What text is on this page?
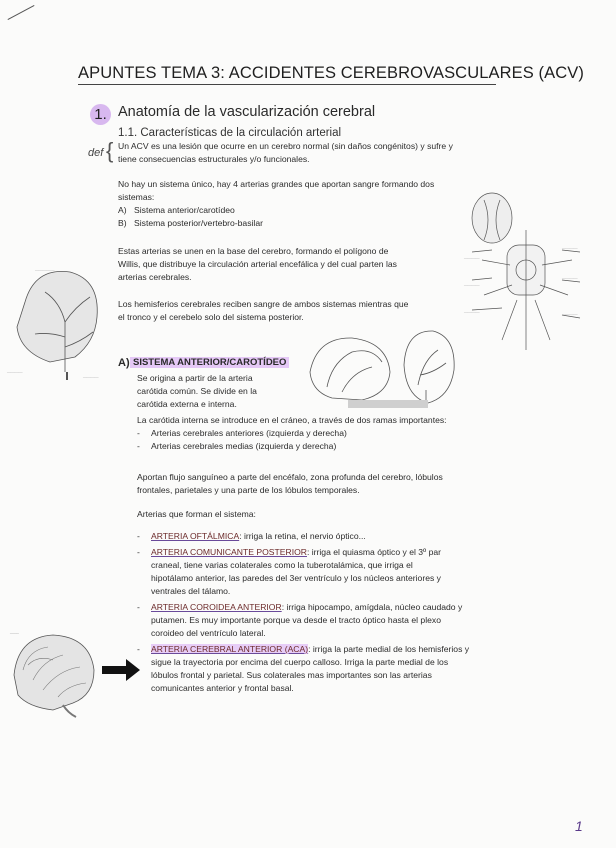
APUNTES TEMA 3: ACCIDENTES CEREBROVASCULARES (ACV)
1. Anatomía de la vascularización cerebral
1.1. Características de la circulación arterial
def { Un ACV es una lesión que ocurre en un cerebro normal (sin daños congénitos) y sufre y
tiene consecuencias estructurales y/o funcionales.
No hay un sistema único, hay 4 arterias grandes que aportan sangre formando dos
sistemas:
A) Sistema anterior/carotídeo
B) Sistema posterior/vertebro-basilar
Estas arterias se unen en la base del cerebro, formando el polígono de
Willis, que distribuye la circulación arterial encefálica y del cual parten las
arterias cerebrales.
Los hemisferios cerebrales reciben sangre de ambos sistemas mientras que
el tronco y el cerebelo solo del sistema posterior.
________
________
________
________
________
________
__________
________
________
A) SISTEMA ANTERIOR/CAROTÍDEO
Se origina a partir de la arteria
carótida común. Se divide en la
carótida externa e interna.
La carótida interna se introduce en el cráneo, a través de dos ramas importantes:
- Arterias cerebrales anteriores (izquierda y derecha)
- Arterias cerebrales medias (izquierda y derecha)
Aportan flujo sanguíneo a parte del encéfalo, zona profunda del cerebro, lóbulos
frontales, parietales y una parte de los lóbulos temporales.
Arterias que forman el sistema:
- ARTERIA OFTÁLMICA: irriga la retina, el nervio óptico...
- ARTERIA COMUNICANTE POSTERIOR: irriga el quiasma óptico y el 3º par
craneal, tiene varias colaterales como la tuberotalámica, que irriga el
hipotálamo anterior, las paredes del 3er ventrículo y los núcleos anteriores y
ventrales del tálamo.
- ARTERIA COROIDEA ANTERIOR: irriga hipocampo, amígdala, núcleo caudado y
putamen. Es muy importante porque va desde el tracto óptico hasta el plexo
coroideo del ventrículo lateral.
- ARTERIA CEREBRAL ANTERIOR (ACA): irriga la parte medial de los hemisferios y
sigue la trayectoria por encima del cuerpo calloso. Irriga la parte medial de los
lóbulos frontal y parietal. Sus colaterales mas importantes son las arterias
comunicantes anterior y frontal basal.
____
1
